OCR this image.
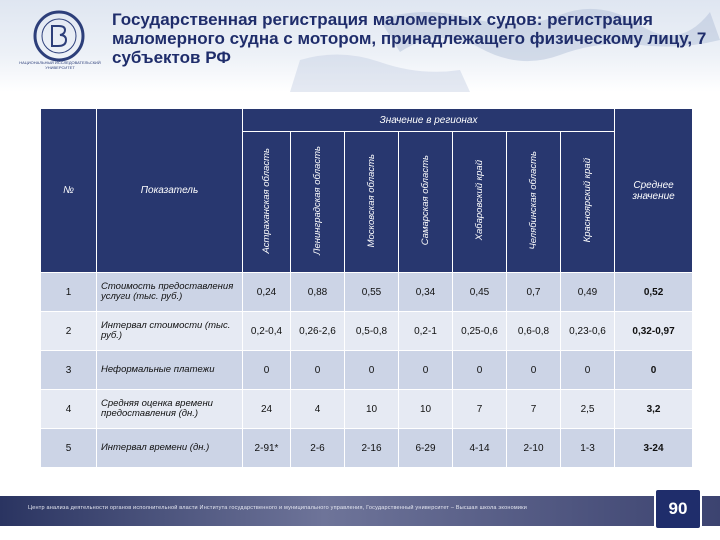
НАЦИОНАЛЬНЫЙ ИССЛЕДОВАТЕЛЬСКИЙ УНИВЕРСИТЕТ
Государственная регистрация маломерных судов: регистрация маломерного судна с мотором, принадлежащего физическому лицу, 7 субъектов РФ
№	Показатель	Значение в регионах							Среднее значение
		Астраханская область	Ленинградская область	Московская область	Самарская область	Хабаровский край	Челябинская область	Красноярский край	
1	Стоимость предоставления услуги (тыс. руб.)	0,24	0,88	0,55	0,34	0,45	0,7	0,49	0,52
2	Интервал стоимости (тыс. руб.)	0,2-0,4	0,26-2,6	0,5-0,8	0,2-1	0,25-0,6	0,6-0,8	0,23-0,6	0,32-0,97
3	Неформальные платежи	0	0	0	0	0	0	0	0
4	Средняя оценка времени предоставления (дн.)	24	4	10	10	7	7	2,5	3,2
5	Интервал времени (дн.)	2-91*	2-6	2-16	6-29	4-14	2-10	1-3	3-24
Центр анализа деятельности органов исполнительной власти Института государственного и муниципального управления, Государственный университет – Высшая школа экономики	90
